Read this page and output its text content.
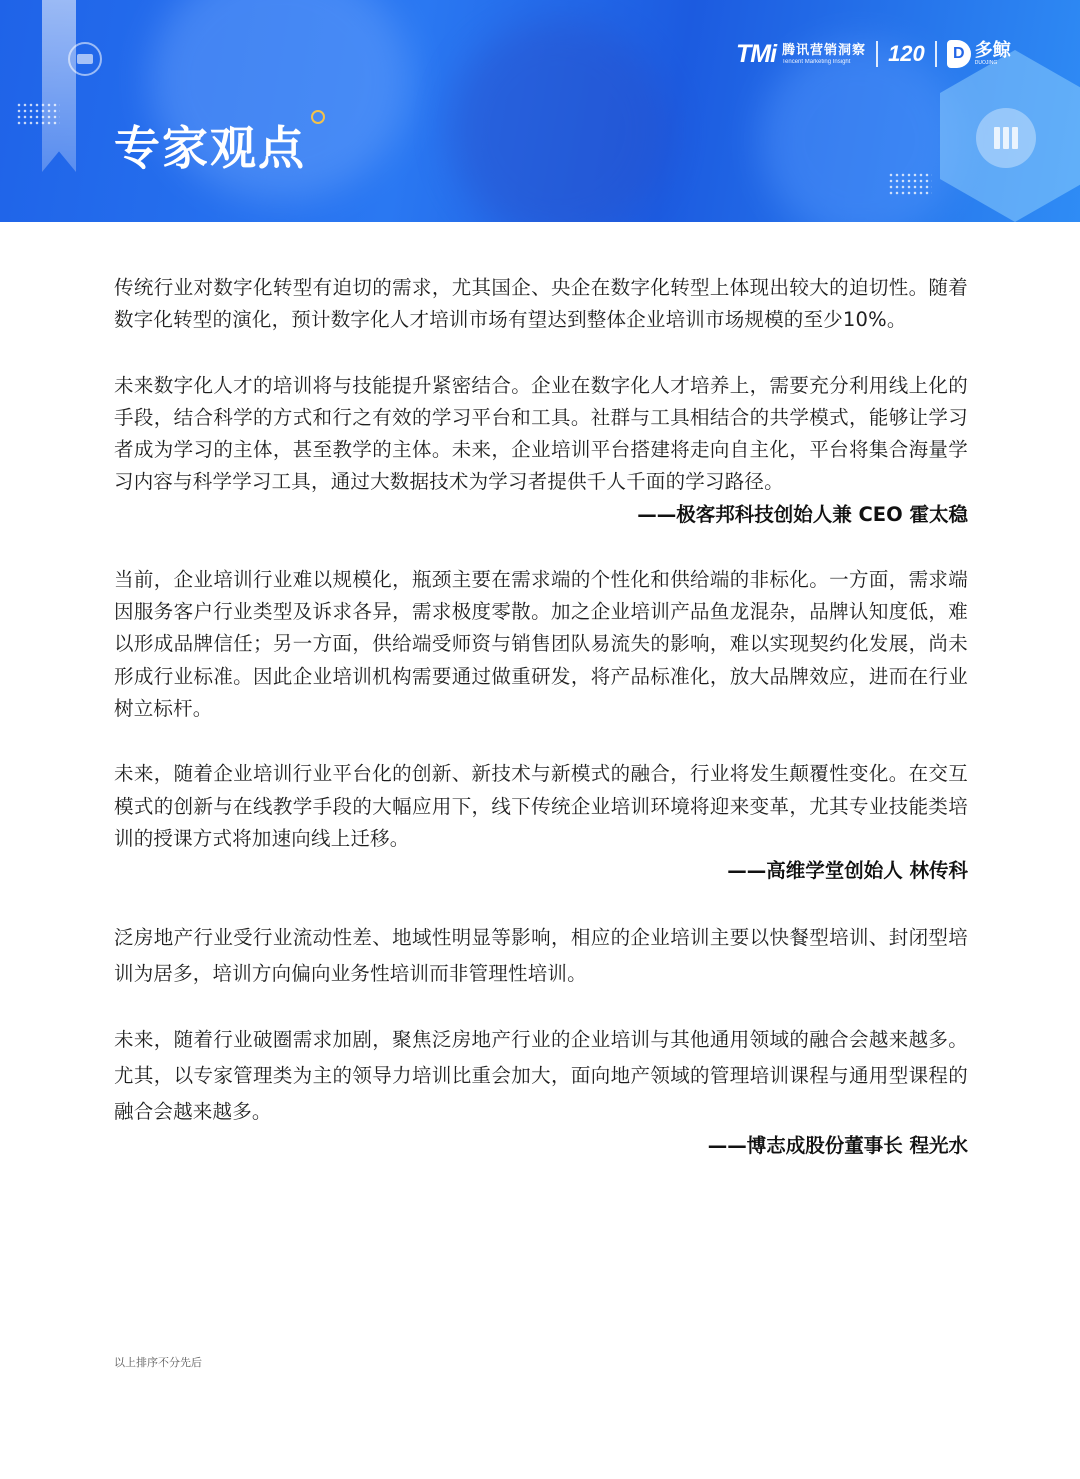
专家观点
TMi 腾讯营销洞察
Tencent Marketing Insight	120	D 多鲸
DUOJING

传统行业对数字化转型有迫切的需求，尤其国企、央企在数字化转型上体现出较大的迫切性。随着数字化转型的演化，预计数字化人才培训市场有望达到整体企业培训市场规模的至少10%。

未来数字化人才的培训将与技能提升紧密结合。企业在数字化人才培养上，需要充分利用线上化的手段，结合科学的方式和行之有效的学习平台和工具。社群与工具相结合的共学模式，能够让学习者成为学习的主体，甚至教学的主体。未来，企业培训平台搭建将走向自主化，平台将集合海量学习内容与科学学习工具，通过大数据技术为学习者提供千人千面的学习路径。

——极客邦科技创始人兼 CEO 霍太稳

当前，企业培训行业难以规模化，瓶颈主要在需求端的个性化和供给端的非标化。一方面，需求端因服务客户行业类型及诉求各异，需求极度零散。加之企业培训产品鱼龙混杂，品牌认知度低，难以形成品牌信任；另一方面，供给端受师资与销售团队易流失的影响，难以实现契约化发展，尚未形成行业标准。因此企业培训机构需要通过做重研发，将产品标准化，放大品牌效应，进而在行业树立标杆。

未来，随着企业培训行业平台化的创新、新技术与新模式的融合，行业将发生颠覆性变化。在交互模式的创新与在线教学手段的大幅应用下，线下传统企业培训环境将迎来变革，尤其专业技能类培训的授课方式将加速向线上迁移。

——高维学堂创始人 林传科

泛房地产行业受行业流动性差、地域性明显等影响，相应的企业培训主要以快餐型培训、封闭型培训为居多，培训方向偏向业务性培训而非管理性培训。

未来，随着行业破圈需求加剧，聚焦泛房地产行业的企业培训与其他通用领域的融合会越来越多。尤其，以专家管理类为主的领导力培训比重会加大，面向地产领域的管理培训课程与通用型课程的融合会越来越多。

——博志成股份董事长 程光水

以上排序不分先后
